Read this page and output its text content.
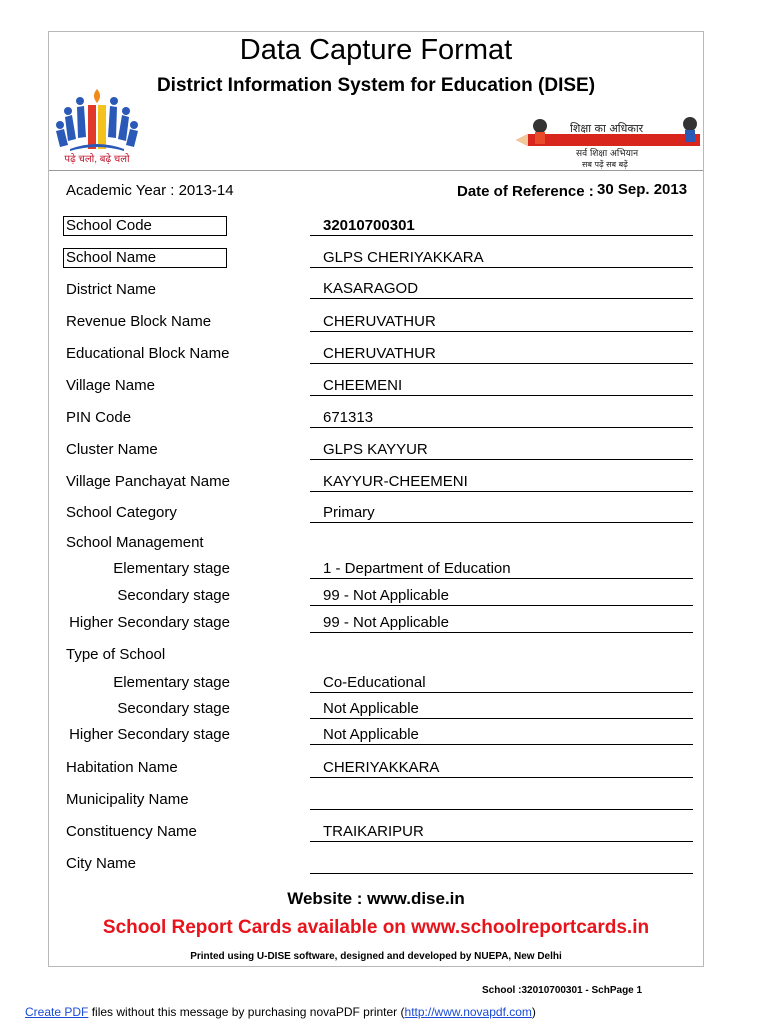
Data Capture Format
District Information System for Education (DISE)
पढ़े चलो, बढ़े चलो
शिक्षा का अधिकार
सर्व शिक्षा अभियान
सब पढ़ें सब बढ़ें
Academic Year : 2013-14	Date of Reference : 30 Sep. 2013
School Code	32010700301
School Name	GLPS CHERIYAKKARA
District Name	KASARAGOD
Revenue Block Name	CHERUVATHUR
Educational Block Name	CHERUVATHUR
Village Name	CHEEMENI
PIN Code	671313
Cluster Name	GLPS KAYYUR
Village Panchayat Name	KAYYUR-CHEEMENI
School Category	Primary
School Management
Elementary stage	1 - Department of Education
Secondary stage	99 - Not Applicable
Higher Secondary stage	99 - Not Applicable
Type of School
Elementary stage	Co-Educational
Secondary stage	Not Applicable
Higher Secondary stage	Not Applicable
Habitation Name	CHERIYAKKARA
Municipality Name
Constituency Name	TRAIKARIPUR
City Name
Website : www.dise.in
School Report Cards available on www.schoolreportcards.in
Printed using U-DISE software, designed and developed by NUEPA, New Delhi
School :32010700301 - SchPage 1
Create PDF files without this message by purchasing novaPDF printer (http://www.novapdf.com)
